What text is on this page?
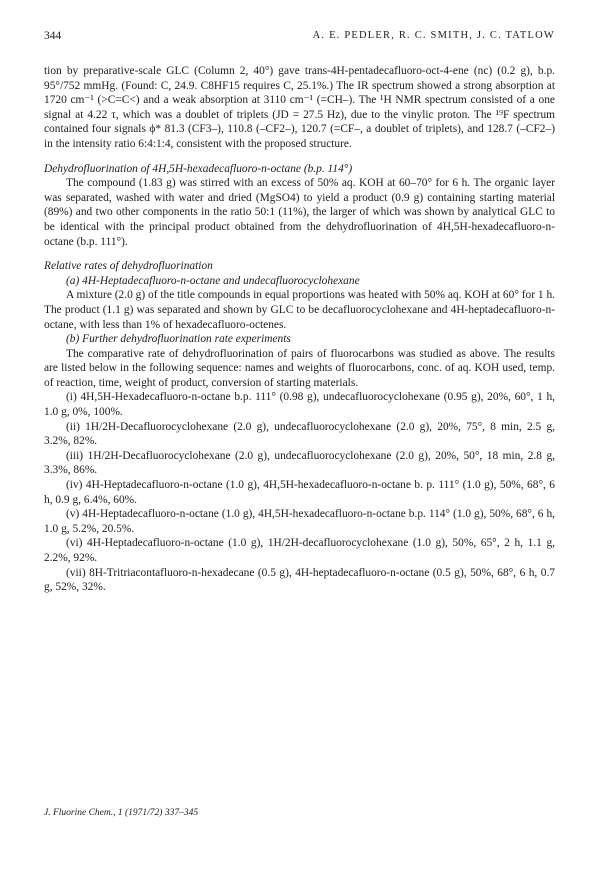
344	A. E. PEDLER, R. C. SMITH, J. C. TATLOW

tion by preparative-scale GLC (Column 2, 40°) gave trans-4H-pentadecafluoro-oct-4-ene (nc) (0.2 g), b.p. 95°/752 mmHg. (Found: C, 24.9. C8HF15 requires C, 25.1%.) The IR spectrum showed a strong absorption at 1720 cm⁻¹ (>C=C<) and a weak absorption at 3110 cm⁻¹ (=CH–). The ¹H NMR spectrum consisted of a one signal at 4.22 τ, which was a doublet of triplets (JD = 27.5 Hz), due to the vinylic proton. The ¹⁹F spectrum contained four signals ϕ* 81.3 (CF3–), 110.8 (–CF2–), 120.7 (=CF–, a doublet of triplets), and 128.7 (–CF2–) in the intensity ratio 6:4:1:4, consistent with the proposed structure.

Dehydrofluorination of 4H,5H-hexadecafluoro-n-octane (b.p. 114°)

The compound (1.83 g) was stirred with an excess of 50% aq. KOH at 60–70° for 6 h. The organic layer was separated, washed with water and dried (MgSO4) to yield a product (0.9 g) containing starting material (89%) and two other components in the ratio 50:1 (11%), the larger of which was shown by analytical GLC to be identical with the principal product obtained from the dehydrofluorination of 4H,5H-hexadecafluoro-n-octane (b.p. 111°).

Relative rates of dehydrofluorination

(a) 4H-Heptadecafluoro-n-octane and undecafluorocyclohexane

A mixture (2.0 g) of the title compounds in equal proportions was heated with 50% aq. KOH at 60° for 1 h. The product (1.1 g) was separated and shown by GLC to be decafluorocyclohexane and 4H-heptadecafluoro-n-octane, with less than 1% of hexadecafluoro-octenes.

(b) Further dehydrofluorination rate experiments

The comparative rate of dehydrofluorination of pairs of fluorocarbons was studied as above. The results are listed below in the following sequence: names and weights of fluorocarbons, conc. of aq. KOH used, temp. of reaction, time, weight of product, conversion of starting materials.

(i) 4H,5H-Hexadecafluoro-n-octane b.p. 111° (0.98 g), undecafluorocyclohexane (0.95 g), 20%, 60°, 1 h, 1.0 g, 0%, 100%.

(ii) 1H/2H-Decafluorocyclohexane (2.0 g), undecafluorocyclohexane (2.0 g), 20%, 75°, 8 min, 2.5 g, 3.2%, 82%.

(iii) 1H/2H-Decafluorocyclohexane (2.0 g), undecafluorocyclohexane (2.0 g), 20%, 50°, 18 min, 2.8 g, 3.3%, 86%.

(iv) 4H-Heptadecafluoro-n-octane (1.0 g), 4H,5H-hexadecafluoro-n-octane b. p. 111° (1.0 g), 50%, 68°, 6 h, 0.9 g, 6.4%, 60%.

(v) 4H-Heptadecafluoro-n-octane (1.0 g), 4H,5H-hexadecafluoro-n-octane b.p. 114° (1.0 g), 50%, 68°, 6 h, 1.0 g, 5.2%, 20.5%.

(vi) 4H-Heptadecafluoro-n-octane (1.0 g), 1H/2H-decafluorocyclohexane (1.0 g), 50%, 65°, 2 h, 1.1 g, 2.2%, 92%.

(vii) 8H-Tritriacontafluoro-n-hexadecane (0.5 g), 4H-heptadecafluoro-n-octane (0.5 g), 50%, 68°, 6 h, 0.7 g, 52%, 32%.

J. Fluorine Chem., 1 (1971/72) 337–345
